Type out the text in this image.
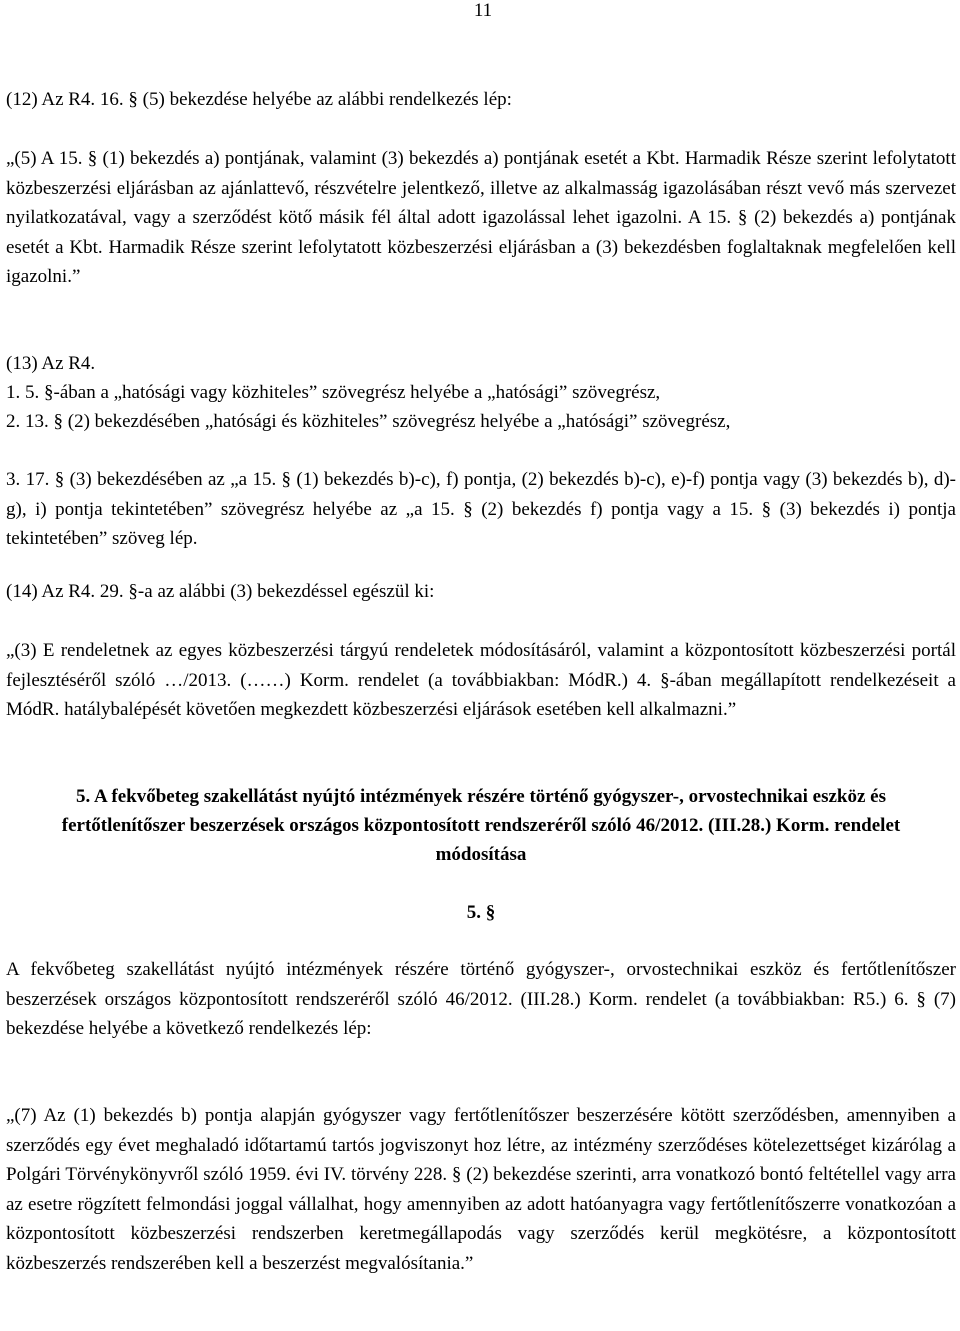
11

(12) Az R4. 16. § (5) bekezdése helyébe az alábbi rendelkezés lép:

„(5) A 15. § (1) bekezdés a) pontjának, valamint (3) bekezdés a) pontjának esetét a Kbt. Harmadik Része szerint lefolytatott közbeszerzési eljárásban az ajánlattevő, részvételre jelentkező, illetve az alkalmasság igazolásában részt vevő más szervezet nyilatkozatával, vagy a szerződést kötő másik fél által adott igazolással lehet igazolni. A 15. § (2) bekezdés a) pontjának esetét a Kbt. Harmadik Része szerint lefolytatott közbeszerzési eljárásban a (3) bekezdésben foglaltaknak megfelelően kell igazolni.”

(13) Az R4.

1. 5. §-ában a „hatósági vagy közhiteles” szövegrész helyébe a „hatósági” szövegrész,

2. 13. § (2) bekezdésében „hatósági és közhiteles” szövegrész helyébe a „hatósági” szövegrész,

3. 17. § (3) bekezdésében az „a 15. § (1) bekezdés b)-c), f) pontja, (2) bekezdés b)-c), e)-f) pontja vagy (3) bekezdés b), d)-g), i) pontja tekintetében” szövegrész helyébe az „a 15. § (2) bekezdés f) pontja vagy a 15. § (3) bekezdés i) pontja tekintetében” szöveg lép.

(14) Az R4. 29. §-a az alábbi (3) bekezdéssel egészül ki:

„(3) E rendeletnek az egyes közbeszerzési tárgyú rendeletek módosításáról, valamint a központosított közbeszerzési portál fejlesztéséről szóló …/2013. (……) Korm. rendelet (a továbbiakban: MódR.) 4. §-ában megállapított rendelkezéseit a MódR. hatálybalépését követően megkezdett közbeszerzési eljárások esetében kell alkalmazni.”

5. A fekvőbeteg szakellátást nyújtó intézmények részére történő gyógyszer-, orvostechnikai eszköz és fertőtlenítőszer beszerzések országos központosított rendszeréről szóló 46/2012. (III.28.) Korm. rendelet módosítása

5. §

A fekvőbeteg szakellátást nyújtó intézmények részére történő gyógyszer-, orvostechnikai eszköz és fertőtlenítőszer beszerzések országos központosított rendszeréről szóló 46/2012. (III.28.) Korm. rendelet (a továbbiakban: R5.) 6. § (7) bekezdése helyébe a következő rendelkezés lép:

„(7) Az (1) bekezdés b) pontja alapján gyógyszer vagy fertőtlenítőszer beszerzésére kötött szerződésben, amennyiben a szerződés egy évet meghaladó időtartamú tartós jogviszonyt hoz létre, az intézmény szerződéses kötelezettséget kizárólag a Polgári Törvénykönyvről szóló 1959. évi IV. törvény 228. § (2) bekezdése szerinti, arra vonatkozó bontó feltétellel vagy arra az esetre rögzített felmondási joggal vállalhat, hogy amennyiben az adott hatóanyagra vagy fertőtlenítőszerre vonatkozóan a központosított közbeszerzési rendszerben keretmegállapodás vagy szerződés kerül megkötésre, a központosított közbeszerzés rendszerében kell a beszerzést megvalósítania.”
